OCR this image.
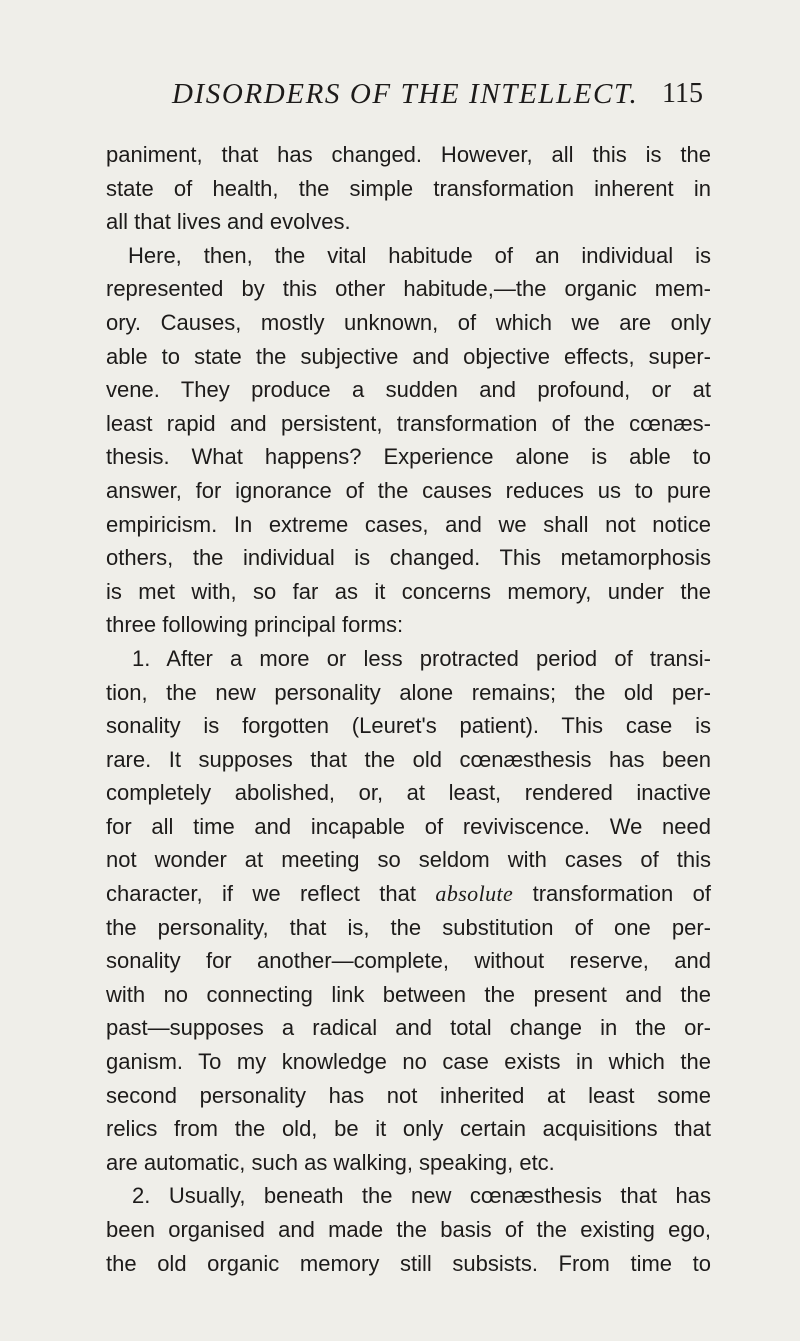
DISORDERS OF THE INTELLECT. 115
paniment, that has changed. However, all this is the
state of health, the simple transformation inherent in
all that lives and evolves.
Here, then, the vital habitude of an individual is
represented by this other habitude,—the organic mem-
ory. Causes, mostly unknown, of which we are only
able to state the subjective and objective effects, super-
vene. They produce a sudden and profound, or at
least rapid and persistent, transformation of the cœnæs-
thesis. What happens? Experience alone is able to
answer, for ignorance of the causes reduces us to pure
empiricism. In extreme cases, and we shall not notice
others, the individual is changed. This metamorphosis
is met with, so far as it concerns memory, under the
three following principal forms:
1. After a more or less protracted period of transi-
tion, the new personality alone remains; the old per-
sonality is forgotten (Leuret's patient). This case is
rare. It supposes that the old cœnæsthesis has been
completely abolished, or, at least, rendered inactive
for all time and incapable of reviviscence. We need
not wonder at meeting so seldom with cases of this
character, if we reflect that absolute transformation of
the personality, that is, the substitution of one per-
sonality for another—complete, without reserve, and
with no connecting link between the present and the
past—supposes a radical and total change in the or-
ganism. To my knowledge no case exists in which the
second personality has not inherited at least some
relics from the old, be it only certain acquisitions that
are automatic, such as walking, speaking, etc.
2. Usually, beneath the new cœnæsthesis that has
been organised and made the basis of the existing ego,
the old organic memory still subsists. From time to
